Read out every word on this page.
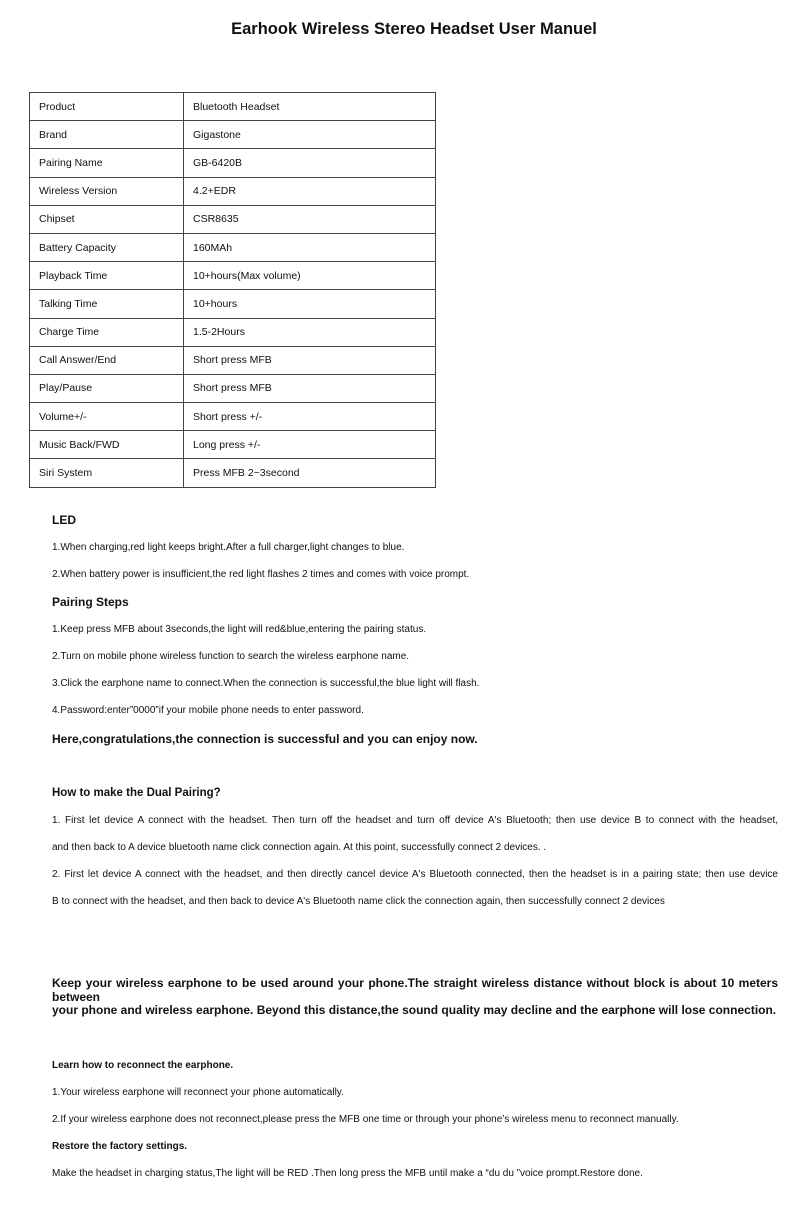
Earhook Wireless Stereo Headset User Manuel
Product	Bluetooth Headset
Brand	Gigastone
Pairing Name	GB-6420B
Wireless Version	4.2+EDR
Chipset	CSR8635
Battery Capacity	160MAh
Playback Time	10+hours(Max volume)
Talking Time	10+hours
Charge Time	1.5-2Hours
Call Answer/End	Short press MFB
Play/Pause	Short press MFB
Volume+/-	Short press +/-
Music Back/FWD	Long press +/-
Siri System	Press MFB 2~3second
LED
1.When charging,red light keeps bright.After a full charger,light changes to blue.
2.When battery power is insufficient,the red light flashes 2 times and comes with voice prompt.
Pairing Steps
1.Keep press MFB about 3seconds,the light will red&blue,entering the pairing status.
2.Turn on mobile phone wireless function to search the wireless earphone name.
3.Click the earphone name to connect.When the connection is successful,the blue light will flash.
4.Password:enter”0000”if your mobile phone needs to enter password.
Here,congratulations,the connection is successful and you can enjoy now.
How to make the Dual Pairing?
1. First let device A connect with the headset. Then turn off the headset and turn off device A's Bluetooth; then use device B to connect with the headset,
and then back to A device bluetooth name click connection again. At this point, successfully connect 2 devices. .
2. First let device A connect with the headset, and then directly cancel device A's Bluetooth connected, then the headset is in a pairing state; then use device
B to connect with the headset, and then back to device A's Bluetooth name click the connection again, then successfully connect 2 devices
Keep your wireless earphone to be used around your phone.The straight wireless distance without block is about 10 meters between
your phone and wireless earphone. Beyond this distance,the sound quality may decline and the earphone will lose connection.
Learn how to reconnect the earphone.
1.Your wireless earphone will reconnect your phone automatically.
2.If your wireless earphone does not reconnect,please press the MFB one time or through your phone’s wireless menu to reconnect manually.
Restore the factory settings.
Make the headset in charging status,The light will be RED .Then long press the MFB until make a “du du ”voice prompt.Restore done.
